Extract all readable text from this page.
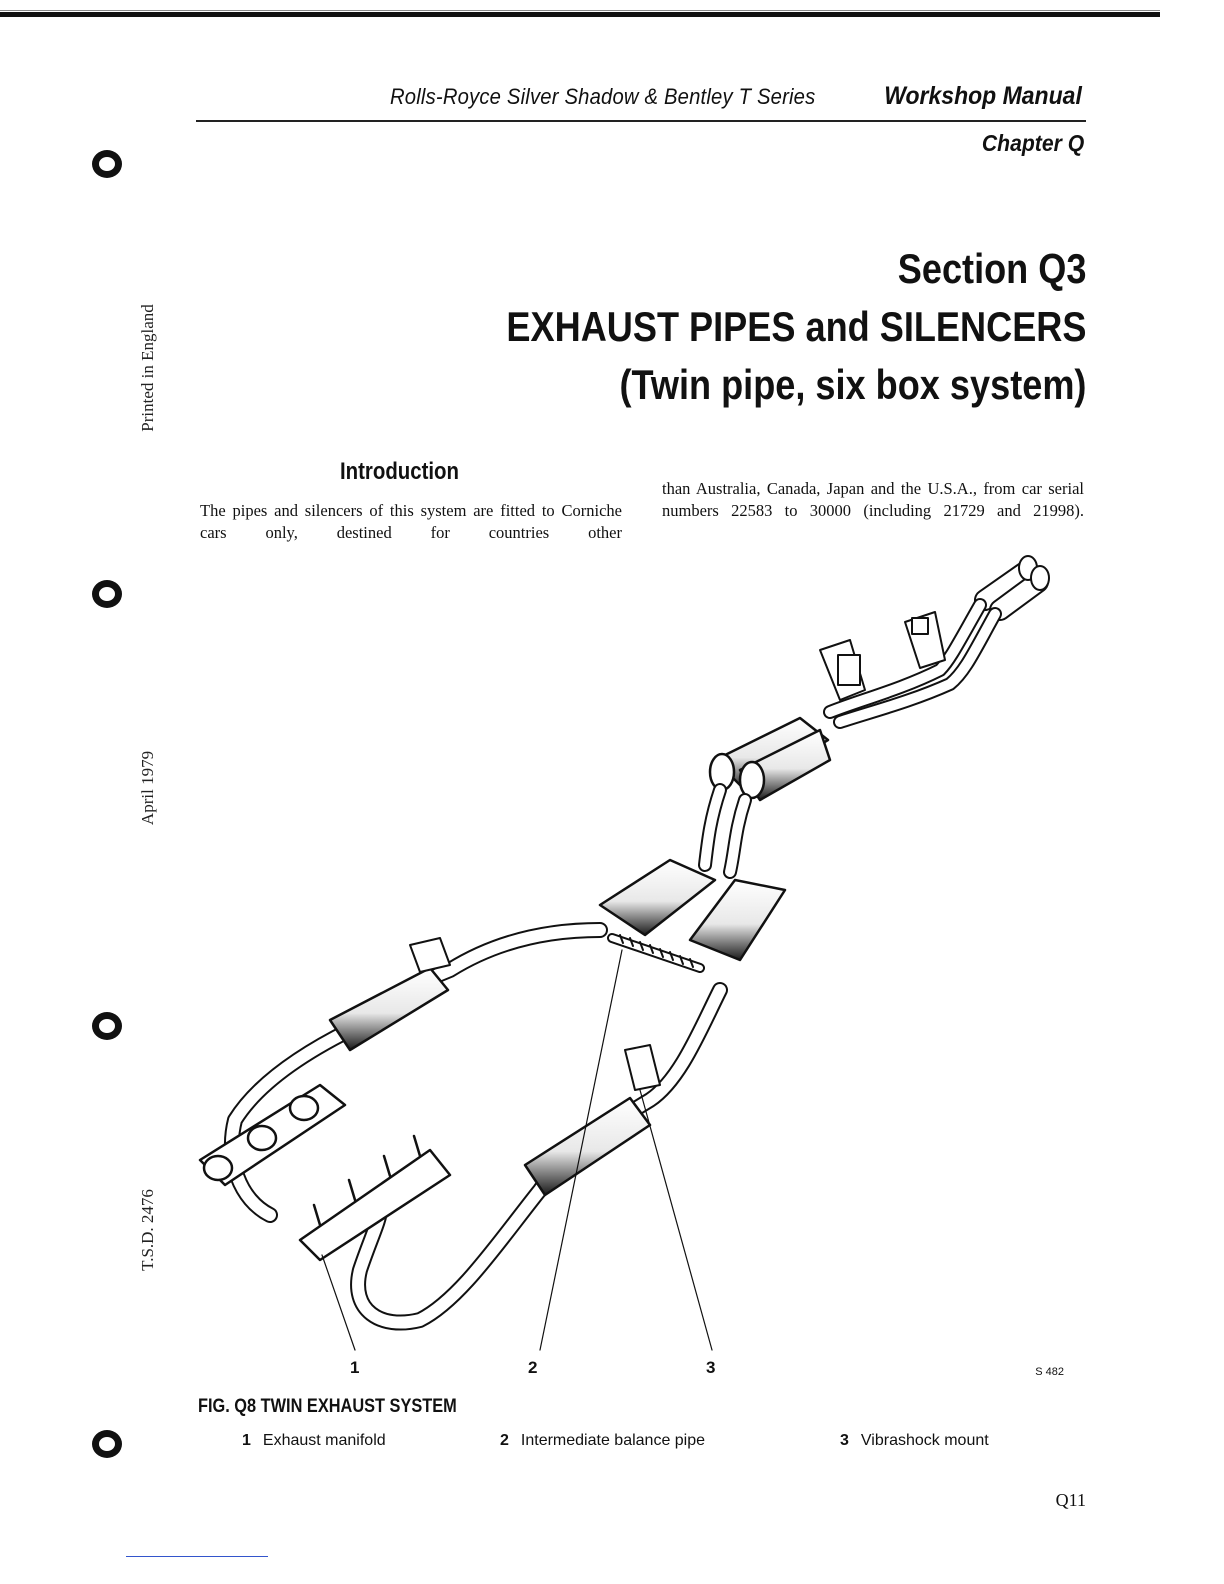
Rolls-Royce Silver Shadow & Bentley T Series	Workshop Manual
Chapter Q
Section Q3
EXHAUST PIPES and SILENCERS
(Twin pipe, six box system)
Printed in England
April 1979
T.S.D. 2476
Introduction

The pipes and silencers of this system are fitted to Corniche cars only, destined for countries other

than Australia, Canada, Japan and the U.S.A., from car serial numbers 22583 to 30000 (including 21729 and 21998).

1	2	3	S 482
FIG. Q8 TWIN EXHAUST SYSTEM
1 Exhaust manifold	2 Intermediate balance pipe	3 Vibrashock mount
Q11
